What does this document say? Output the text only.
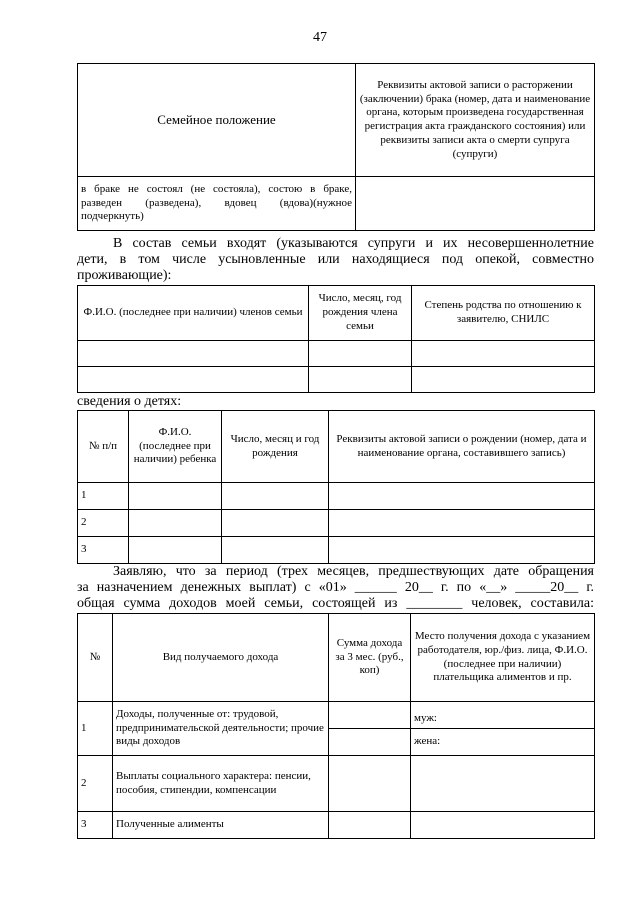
47
Семейное положение	Реквизиты актовой записи о расторжении (заключении) брака (номер, дата и наименование органа, которым произведена государственная регистрация акта гражданского состояния) или реквизиты записи акта о смерти супруга (супруги)
в браке не состоял (не состояла), состою в браке, разведен (разведена), вдовец (вдова)(нужное подчеркнуть)	
В состав семьи входят (указываются супруги и их несовершеннолетние
дети, в том числе усыновленные или находящиеся под опекой, совместно
проживающие):
Ф.И.О. (последнее при наличии) членов семьи	Число, месяц, год рождения члена семьи	Степень родства по отношению к заявителю, СНИЛС

сведения о детях:
№ п/п	Ф.И.О. (последнее при наличии) ребенка	Число, месяц и год рождения	Реквизиты актовой записи о рождении (номер, дата и наименование органа, составившего запись)
1			
2			
3			
Заявляю, что за период (трех месяцев, предшествующих дате обращения
за назначением денежных выплат) с «01» ______ 20__ г. по «__» _____20__ г.
общая сумма доходов моей семьи, состоящей из ________ человек, составила:
№	Вид получаемого дохода	Сумма дохода за 3 мес. (руб., коп)	Место получения дохода с указанием работодателя, юр./физ. лица, Ф.И.О. (последнее при наличии) плательщика алиментов и пр.
1	Доходы, полученные от: трудовой, предпринимательской деятельности; прочие виды доходов		муж:
			жена:
2	Выплаты социального характера: пенсии, пособия, стипендии, компенсации		
3	Полученные алименты		
